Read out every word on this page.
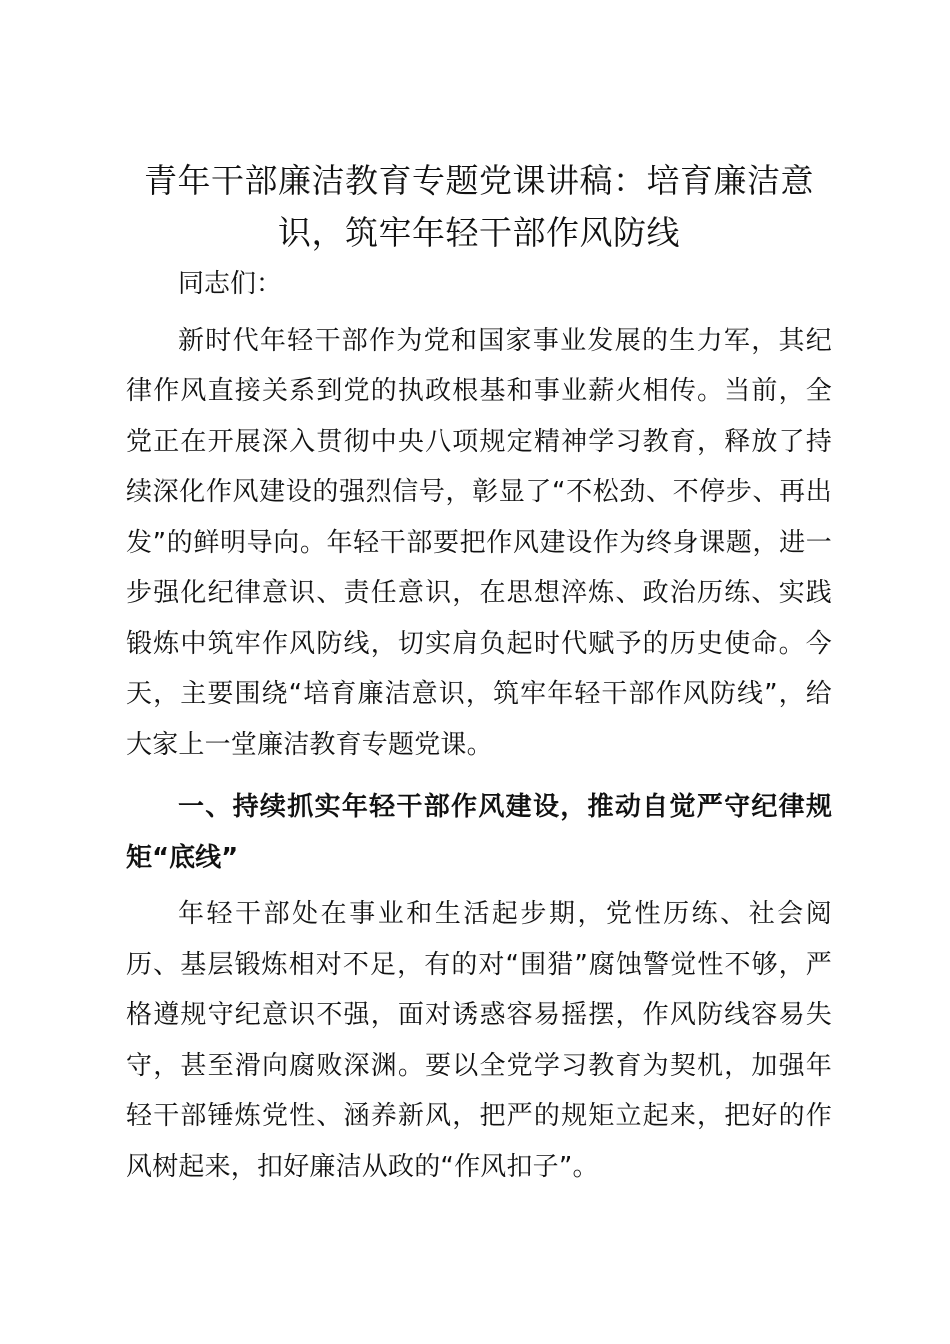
青年干部廉洁教育专题党课讲稿：培育廉洁意识，筑牢年轻干部作风防线

同志们：

新时代年轻干部作为党和国家事业发展的生力军，其纪律作风直接关系到党的执政根基和事业薪火相传。当前，全党正在开展深入贯彻中央八项规定精神学习教育，释放了持续深化作风建设的强烈信号，彰显了“不松劲、不停步、再出发”的鲜明导向。年轻干部要把作风建设作为终身课题，进一步强化纪律意识、责任意识，在思想淬炼、政治历练、实践锻炼中筑牢作风防线，切实肩负起时代赋予的历史使命。今天，主要围绕“培育廉洁意识，筑牢年轻干部作风防线”，给大家上一堂廉洁教育专题党课。

一、持续抓实年轻干部作风建设，推动自觉严守纪律规矩“底线”

年轻干部处在事业和生活起步期，党性历练、社会阅历、基层锻炼相对不足，有的对“围猎”腐蚀警觉性不够，严格遵规守纪意识不强，面对诱惑容易摇摆，作风防线容易失守，甚至滑向腐败深渊。要以全党学习教育为契机，加强年轻干部锤炼党性、涵养新风，把严的规矩立起来，把好的作风树起来，扣好廉洁从政的“作风扣子”。
